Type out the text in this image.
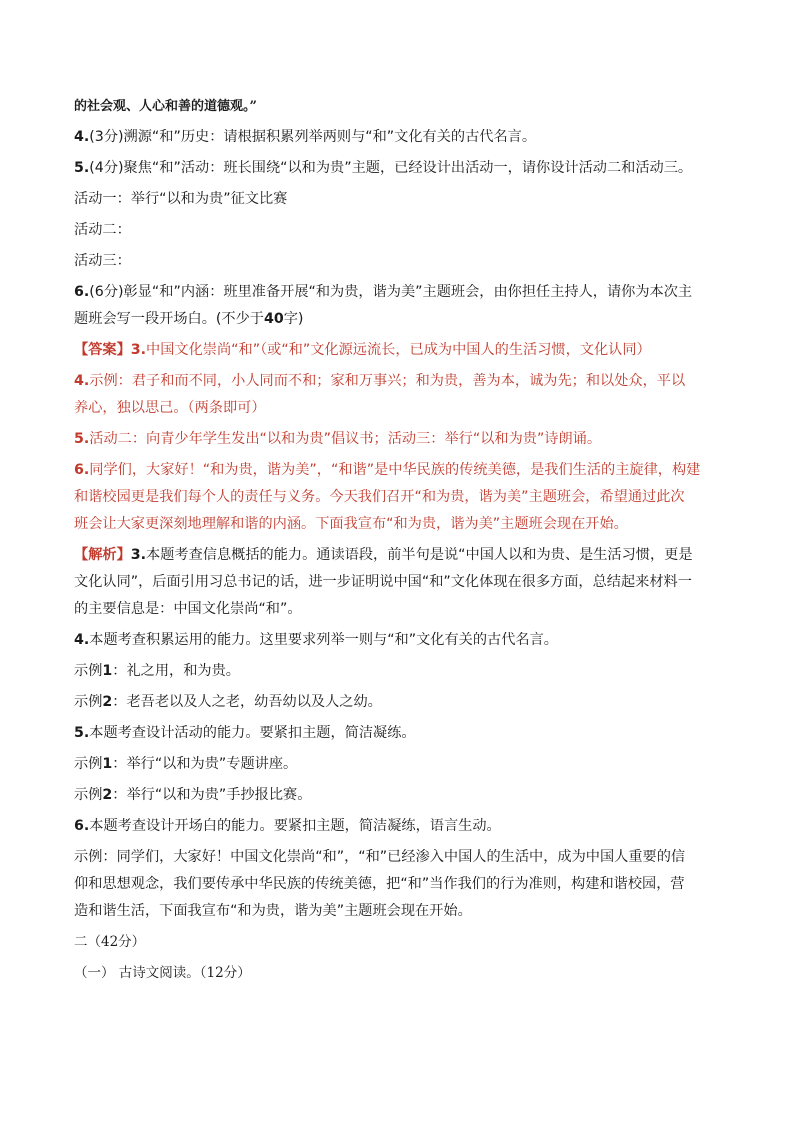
的社会观、人心和善的道德观。”
4.(3分)溯源“和”历史：请根据积累列举两则与“和”文化有关的古代名言。
5.(4分)聚焦“和”活动：班长围绕“以和为贵”主题，已经设计出活动一，请你设计活动二和活动三。
活动一：举行“以和为贵”征文比赛
活动二：
活动三：
6.(6分)彰显“和”内涵：班里准备开展“和为贵，谐为美”主题班会，由你担任主持人，请你为本次主
题班会写一段开场白。(不少于40字)
【答案】3.中国文化崇尚“和”（或“和”文化源远流长，已成为中国人的生活习惯，文化认同）
4.示例：君子和而不同，小人同而不和；家和万事兴；和为贵，善为本，诚为先；和以处众，平以
养心，独以思己。（两条即可）
5.活动二：向青少年学生发出“以和为贵”倡议书；活动三：举行“以和为贵”诗朗诵。
6.同学们，大家好！“和为贵，谐为美”，“和谐”是中华民族的传统美德，是我们生活的主旋律，构建
和谐校园更是我们每个人的责任与义务。今天我们召开“和为贵，谐为美”主题班会，希望通过此次
班会让大家更深刻地理解和谐的内涵。下面我宣布“和为贵，谐为美”主题班会现在开始。
【解析】3.本题考查信息概括的能力。通读语段，前半句是说“中国人以和为贵、是生活习惯，更是
文化认同”，后面引用习总书记的话，进一步证明说中国“和”文化体现在很多方面，总结起来材料一
的主要信息是：中国文化崇尚“和”。
4.本题考查积累运用的能力。这里要求列举一则与“和”文化有关的古代名言。
示例1：礼之用，和为贵。
示例2：老吾老以及人之老，幼吾幼以及人之幼。
5.本题考查设计活动的能力。要紧扣主题，简洁凝练。
示例1：举行“以和为贵”专题讲座。
示例2：举行“以和为贵”手抄报比赛。
6.本题考查设计开场白的能力。要紧扣主题，简洁凝练，语言生动。
示例：同学们，大家好！中国文化崇尚“和”，“和”已经渗入中国人的生活中，成为中国人重要的信
仰和思想观念，我们要传承中华民族的传统美德，把“和”当作我们的行为准则，构建和谐校园，营
造和谐生活，下面我宣布“和为贵，谐为美”主题班会现在开始。
二（42分）
（一） 古诗文阅读。（12分）
